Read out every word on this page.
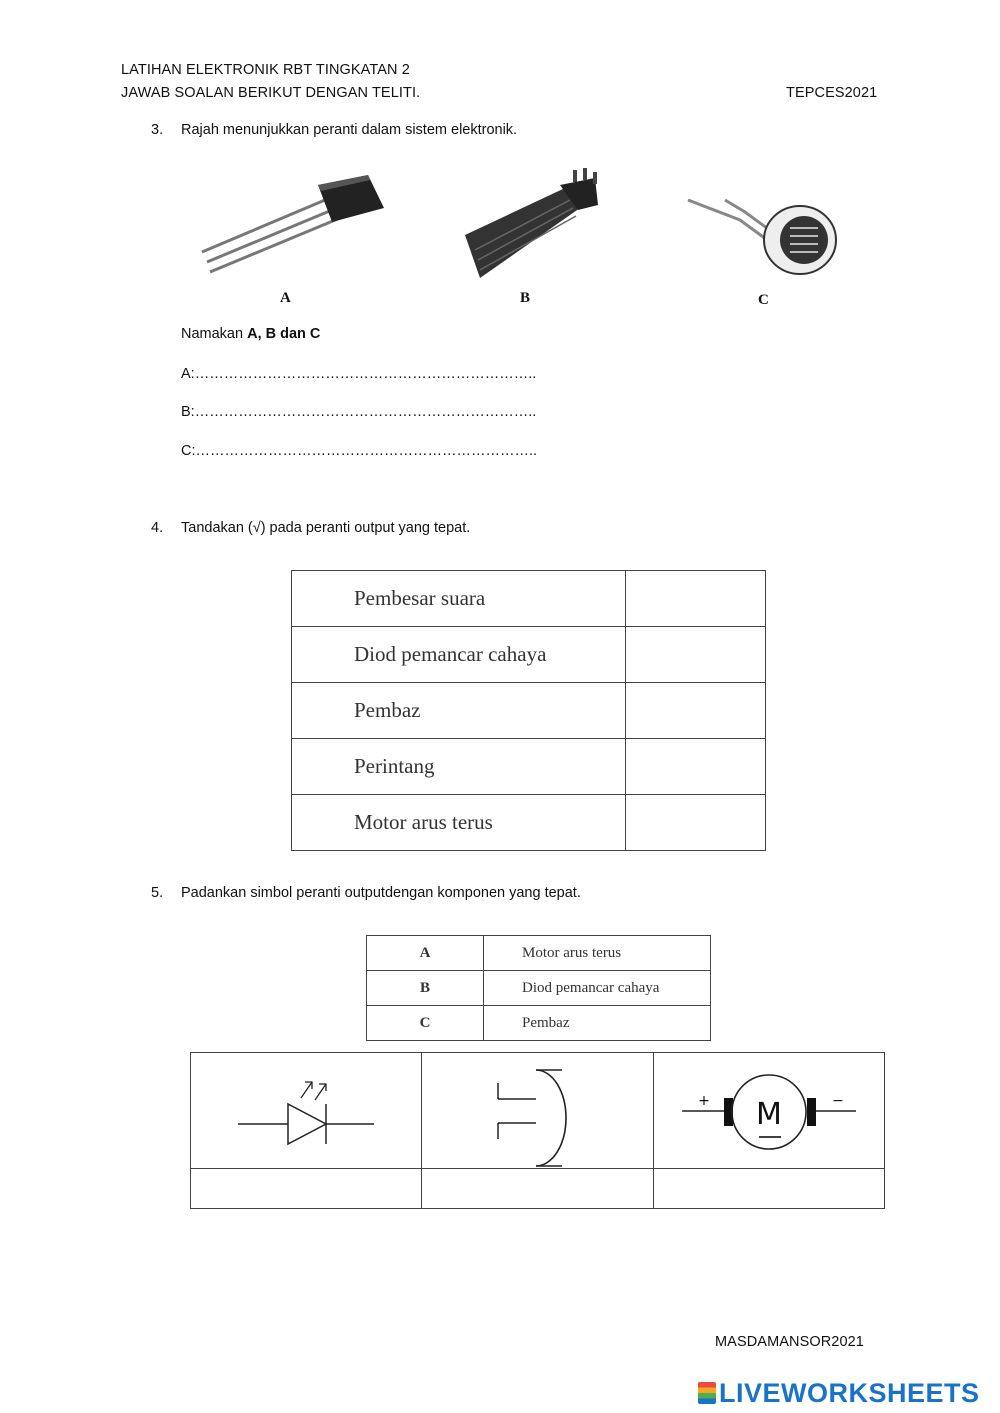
LATIHAN ELEKTRONIK RBT TINGKATAN 2
JAWAB SOALAN BERIKUT DENGAN TELITI.	TEPCES2021
3. Rajah menunjukkan peranti dalam sistem elektronik.
A	B	C
Namakan A, B dan C
A:……………………………………………………………..
B:……………………………………………………………..
C:……………………………………………………………..
4. Tandakan (√) pada peranti output yang tepat.
Pembesar suara	
Diod pemancar cahaya	
Pembaz	
Perintang	
Motor arus terus	
5. Padankan simbol peranti outputdengan komponen yang tepat.
A	Motor arus terus
B	Diod pemancar cahaya
C	Pembaz
M
+	−
MASDAMANSOR2021
LIVEWORKSHEETS
